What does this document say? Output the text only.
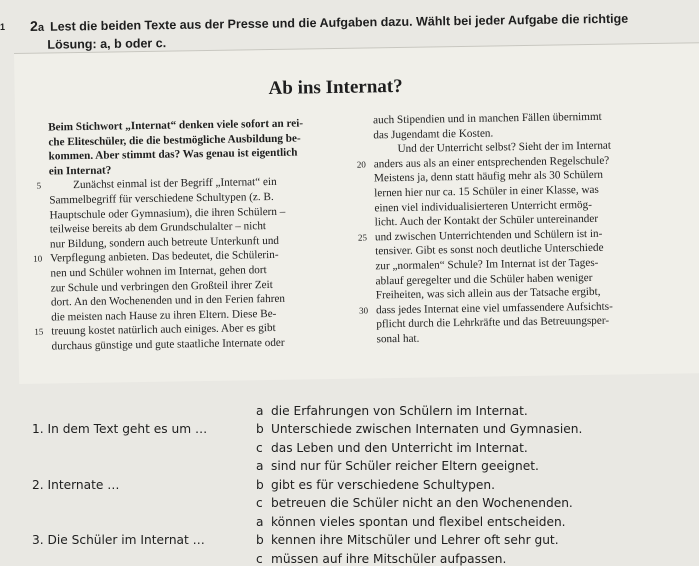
1 2a Lest die beiden Texte aus der Presse und die Aufgaben dazu. Wählt bei jeder Aufgabe die richtige
Lösung: a, b oder c.
Ab ins Internat?
Beim Stichwort „Internat“ denken viele sofort an rei-
che Eliteschüler, die die bestmögliche Ausbildung be-
kommen. Aber stimmt das? Was genau ist eigentlich
ein Internat?
5	Zunächst einmal ist der Begriff „Internat“ ein
Sammelbegriff für verschiedene Schultypen (z. B.
Hauptschule oder Gymnasium), die ihren Schülern –
teilweise bereits ab dem Grundschulalter – nicht
nur Bildung, sondern auch betreute Unterkunft und
10 Verpflegung anbieten. Das bedeutet, die Schülerin-
nen und Schüler wohnen im Internat, gehen dort
zur Schule und verbringen den Großteil ihrer Zeit
dort. An den Wochenenden und in den Ferien fahren
die meisten nach Hause zu ihren Eltern. Diese Be-
15 treuung kostet natürlich auch einiges. Aber es gibt
durchaus günstige und gute staatliche Internate oder
auch Stipendien und in manchen Fällen übernimmt
das Jugendamt die Kosten.
Und der Unterricht selbst? Sieht der im Internat
20 anders aus als an einer entsprechenden Regelschule?
Meistens ja, denn statt häufig mehr als 30 Schülern
lernen hier nur ca. 15 Schüler in einer Klasse, was
einen viel individualisierteren Unterricht ermög-
licht. Auch der Kontakt der Schüler untereinander
25 und zwischen Unterrichtenden und Schülern ist in-
tensiver. Gibt es sonst noch deutliche Unterschiede
zur „normalen“ Schule? Im Internat ist der Tages-
ablauf geregelter und die Schüler haben weniger
Freiheiten, was sich allein aus der Tatsache ergibt,
30 dass jedes Internat eine viel umfassendere Aufsichts-
pflicht durch die Lehrkräfte und das Betreuungsper-
sonal hat.
1. In dem Text geht es um …
a die Erfahrungen von Schülern im Internat.
b Unterschiede zwischen Internaten und Gymnasien.
c das Leben und den Unterricht im Internat.
2. Internate …
a sind nur für Schüler reicher Eltern geeignet.
b gibt es für verschiedene Schultypen.
c betreuen die Schüler nicht an den Wochenenden.
3. Die Schüler im Internat …
a können vieles spontan und flexibel entscheiden.
b kennen ihre Mitschüler und Lehrer oft sehr gut.
c müssen auf ihre Mitschüler aufpassen.
